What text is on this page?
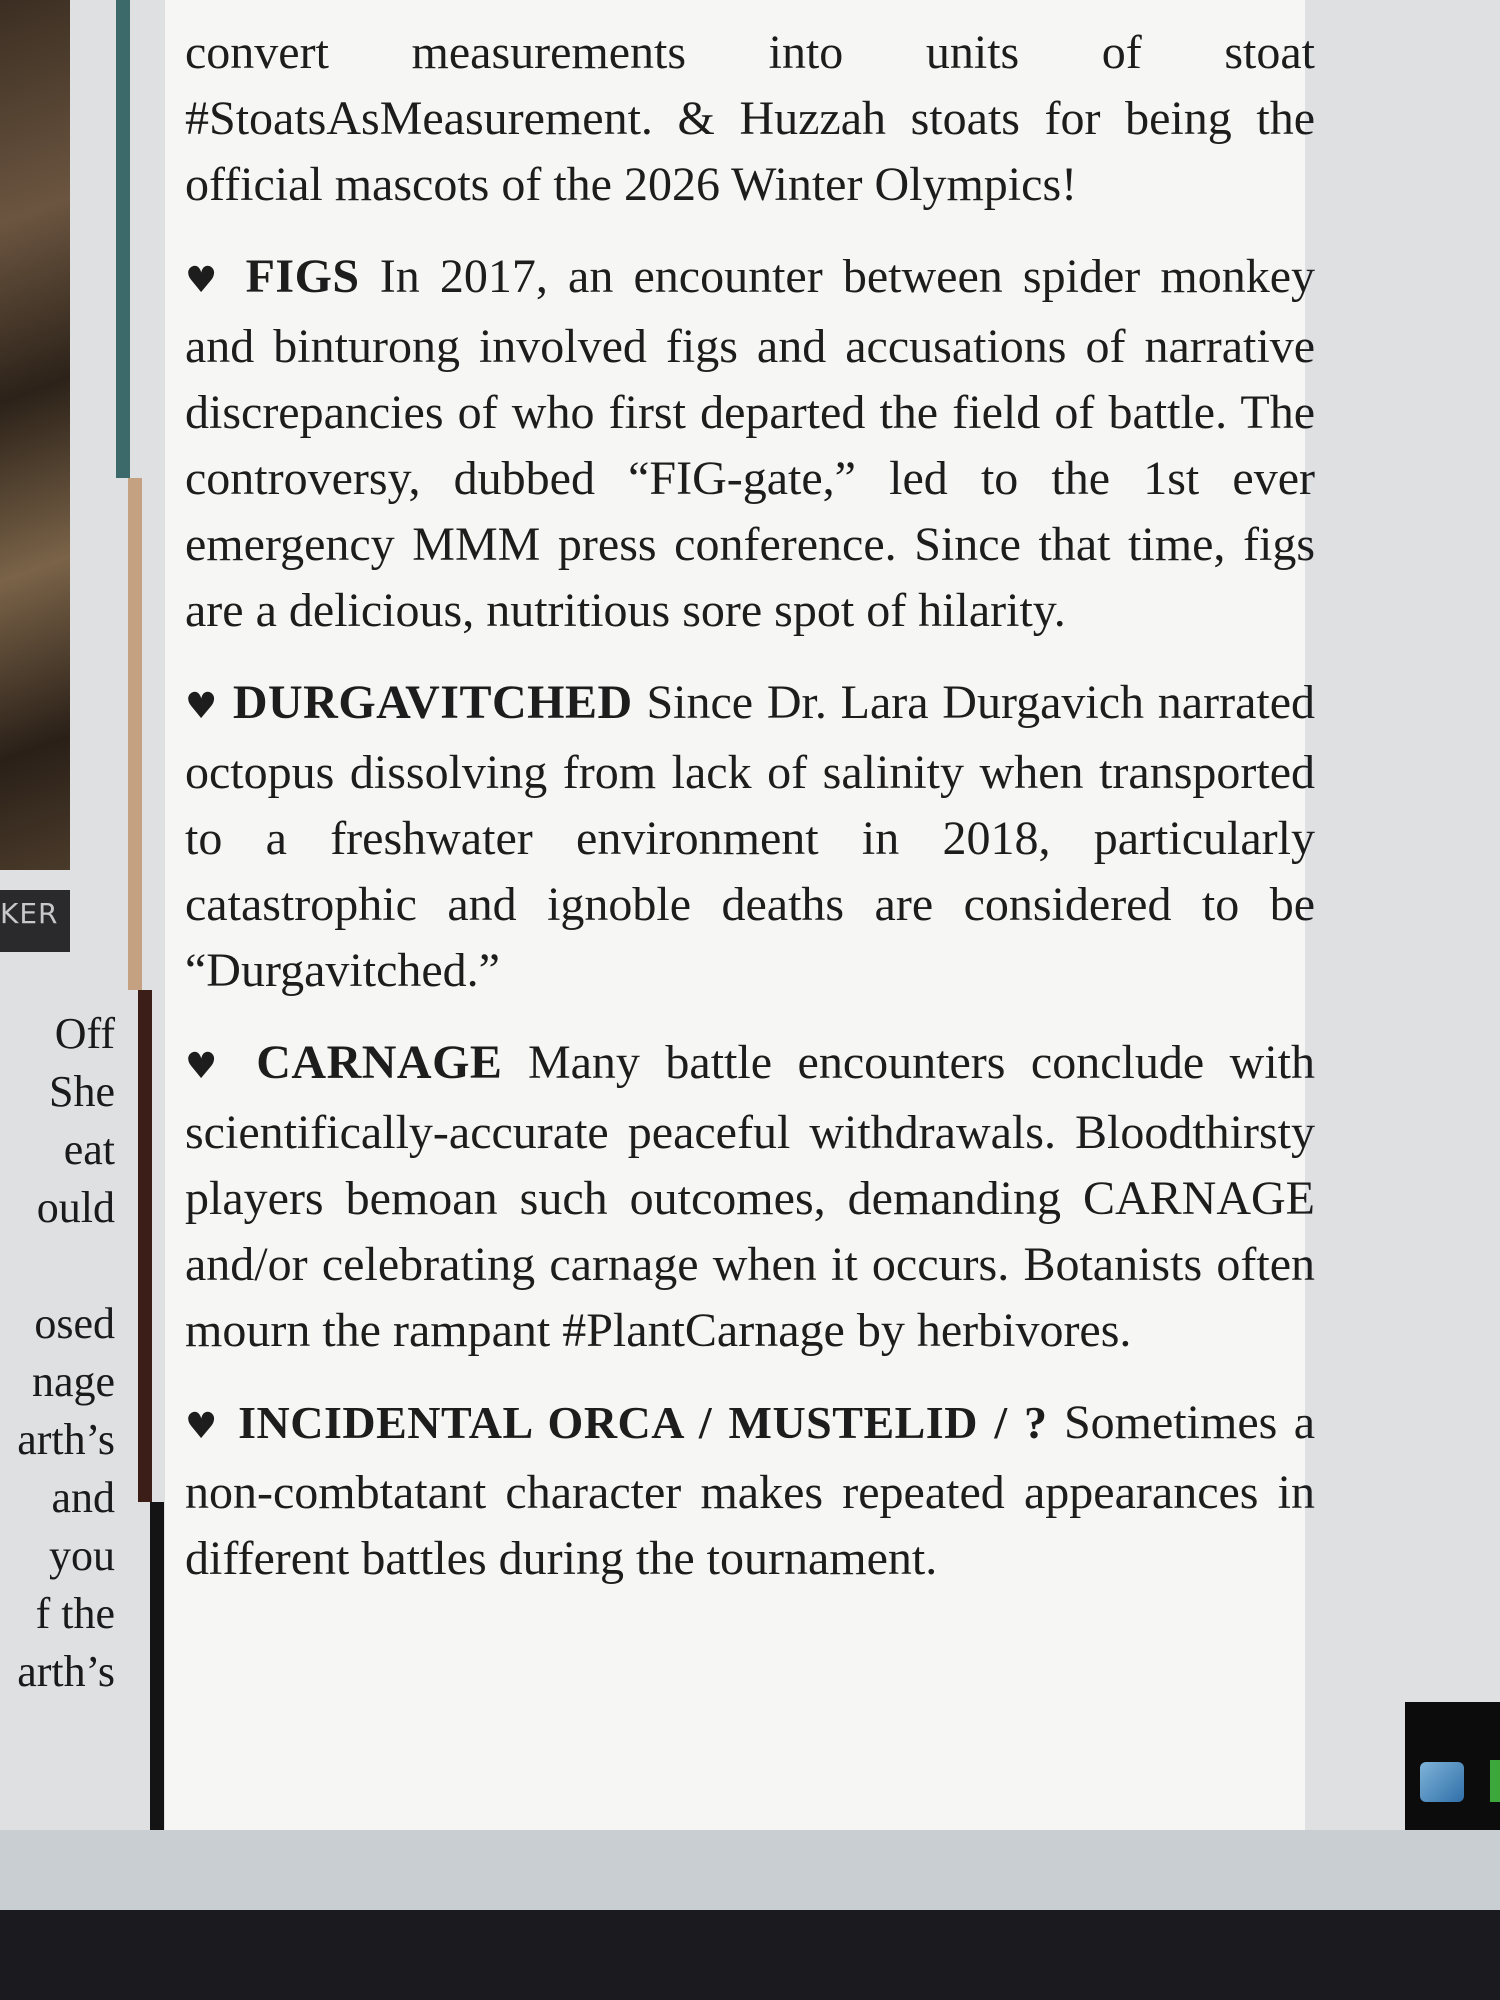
KER
Off
She
eat
ould

osed
nage
arth’s
and
you
f the
arth’s

convert measurements into units of stoat #StoatsAsMeasurement. & Huzzah stoats for being the official mascots of the 2026 Winter Olympics!

♥ FIGS In 2017, an encounter between spider monkey and binturong involved figs and accusations of narrative discrepancies of who first departed the field of battle. The controversy, dubbed “FIG-gate,” led to the 1st ever emergency MMM press conference. Since that time, figs are a delicious, nutritious sore spot of hilarity.

♥ DURGAVITCHED Since Dr. Lara Durgavich narrated octopus dissolving from lack of salinity when transported to a freshwater environment in 2018, particularly catastrophic and ignoble deaths are considered to be “Durgavitched.”

♥ CARNAGE Many battle encounters conclude with scientifically-accurate peaceful withdrawals. Bloodthirsty players bemoan such outcomes, demanding CARNAGE and/or celebrating carnage when it occurs. Botanists often mourn the rampant #PlantCarnage by herbivores.

♥ INCIDENTAL ORCA / MUSTELID / ? Sometimes a non-combtatant character makes repeated appearances in different battles during the tournament.
